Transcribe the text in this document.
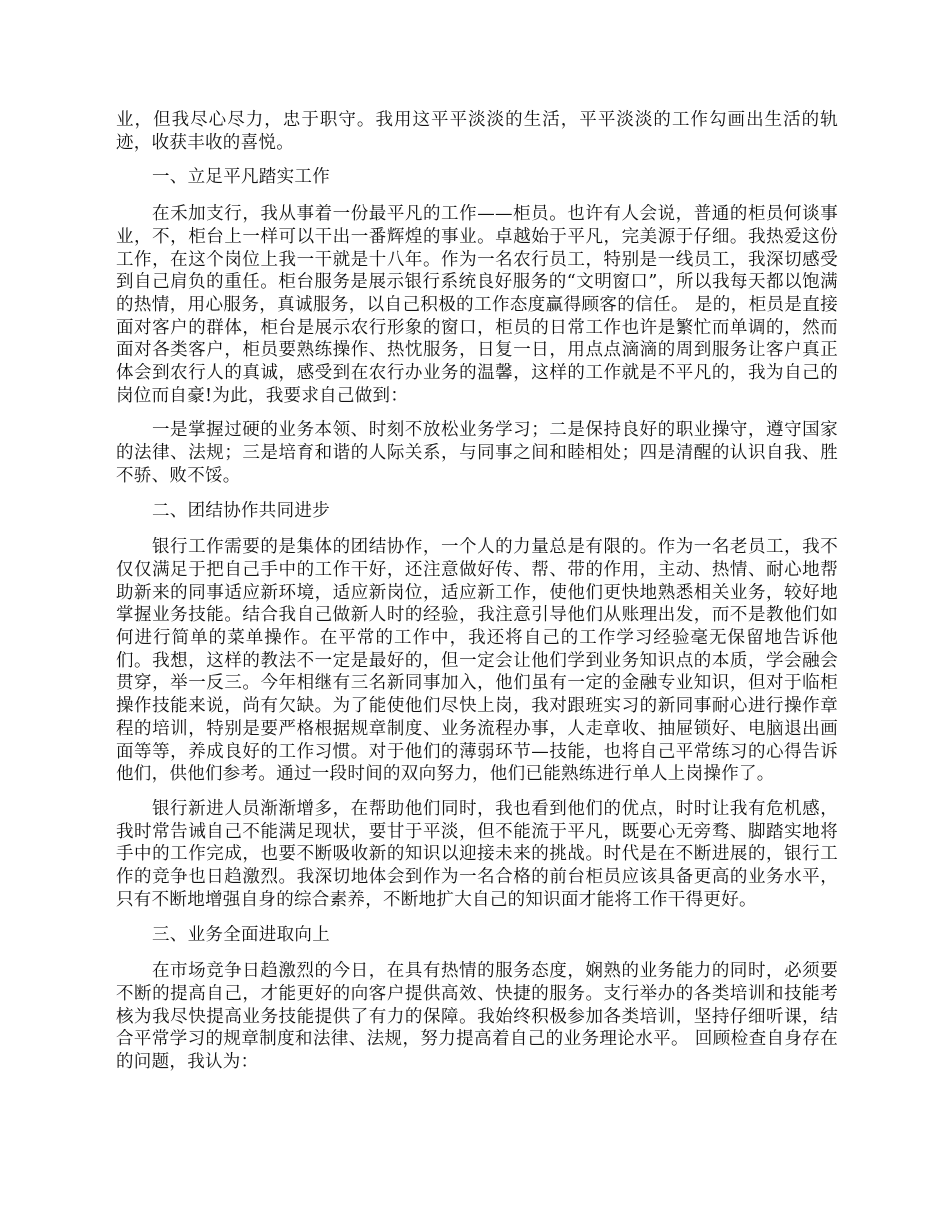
业，但我尽心尽力，忠于职守。我用这平平淡淡的生活，平平淡淡的工作勾画出生活的轨迹，收获丰收的喜悦。

一、立足平凡踏实工作

在禾加支行，我从事着一份最平凡的工作——柜员。也许有人会说，普通的柜员何谈事业，不，柜台上一样可以干出一番辉煌的事业。卓越始于平凡，完美源于仔细。我热爱这份工作，在这个岗位上我一干就是十八年。作为一名农行员工，特别是一线员工，我深切感受到自己肩负的重任。柜台服务是展示银行系统良好服务的“文明窗口”，所以我每天都以饱满的热情，用心服务，真诚服务，以自己积极的工作态度赢得顾客的信任。 是的，柜员是直接面对客户的群体，柜台是展示农行形象的窗口，柜员的日常工作也许是繁忙而单调的，然而面对各类客户，柜员要熟练操作、热忱服务，日复一日，用点点滴滴的周到服务让客户真正体会到农行人的真诚，感受到在农行办业务的温馨，这样的工作就是不平凡的，我为自己的岗位而自豪!为此，我要求自己做到：

一是掌握过硬的业务本领、时刻不放松业务学习；二是保持良好的职业操守，遵守国家的法律、法规；三是培育和谐的人际关系，与同事之间和睦相处；四是清醒的认识自我、胜不骄、败不馁。

二、团结协作共同进步

银行工作需要的是集体的团结协作，一个人的力量总是有限的。作为一名老员工，我不仅仅满足于把自己手中的工作干好，还注意做好传、帮、带的作用，主动、热情、耐心地帮助新来的同事适应新环境，适应新岗位，适应新工作，使他们更快地熟悉相关业务，较好地掌握业务技能。结合我自己做新人时的经验，我注意引导他们从账理出发，而不是教他们如何进行简单的菜单操作。在平常的工作中，我还将自己的工作学习经验毫无保留地告诉他们。我想，这样的教法不一定是最好的，但一定会让他们学到业务知识点的本质，学会融会贯穿，举一反三。今年相继有三名新同事加入，他们虽有一定的金融专业知识，但对于临柜操作技能来说，尚有欠缺。为了能使他们尽快上岗，我对跟班实习的新同事耐心进行操作章程的培训，特别是要严格根据规章制度、业务流程办事，人走章收、抽屉锁好、电脑退出画面等等，养成良好的工作习惯。对于他们的薄弱环节—技能，也将自己平常练习的心得告诉他们，供他们参考。通过一段时间的双向努力，他们已能熟练进行单人上岗操作了。

银行新进人员渐渐增多，在帮助他们同时，我也看到他们的优点，时时让我有危机感，我时常告诫自己不能满足现状，要甘于平淡，但不能流于平凡，既要心无旁骛、脚踏实地将手中的工作完成，也要不断吸收新的知识以迎接未来的挑战。时代是在不断进展的，银行工作的竞争也日趋激烈。我深切地体会到作为一名合格的前台柜员应该具备更高的业务水平，只有不断地增强自身的综合素养，不断地扩大自己的知识面才能将工作干得更好。

三、业务全面进取向上

在市场竞争日趋激烈的今日，在具有热情的服务态度，娴熟的业务能力的同时，必须要不断的提高自己，才能更好的向客户提供高效、快捷的服务。支行举办的各类培训和技能考核为我尽快提高业务技能提供了有力的保障。我始终积极参加各类培训，坚持仔细听课，结合平常学习的规章制度和法律、法规，努力提高着自己的业务理论水平。 回顾检查自身存在的问题，我认为：
